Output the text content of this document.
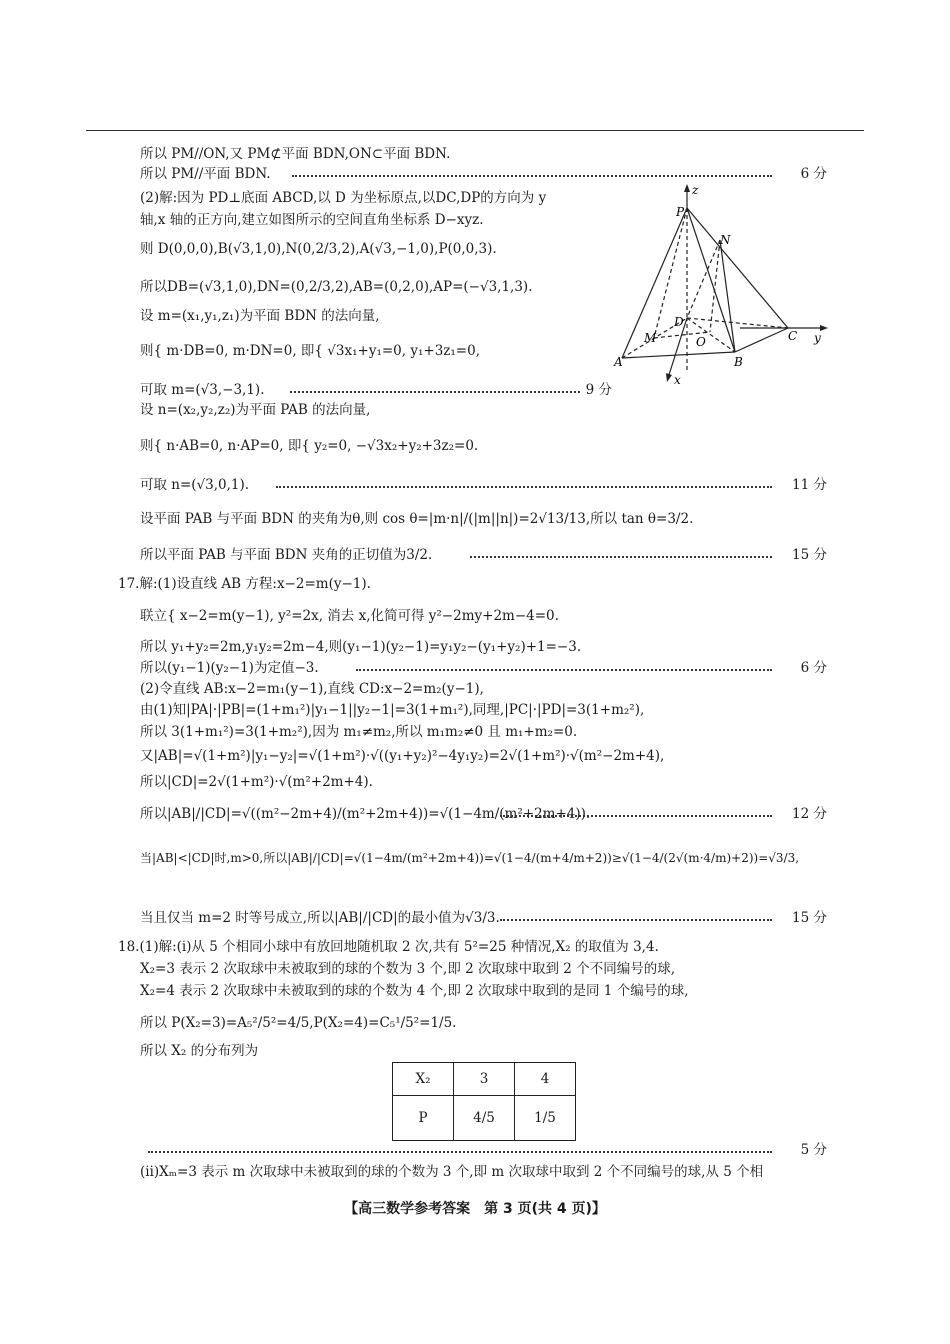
所以 PM//ON,又 PM⊄平面 BDN,ON⊂平面 BDN.
所以 PM//平面 BDN.	6 分
(2)解:因为 PD⊥底面 ABCD,以 D 为坐标原点,以DC,DP的方向为 y
轴,x 轴的正方向,建立如图所示的空间直角坐标系 D−xyz.
则 D(0,0,0),B(√3,1,0),N(0,2/3,2),A(√3,−1,0),P(0,0,3).
所以DB=(√3,1,0),DN=(0,2/3,2),AB=(0,2,0),AP=(−√3,1,3).
设 m=(x₁,y₁,z₁)为平面 BDN 的法向量,
则{ m·DB=0, m·DN=0, 即{ √3x₁+y₁=0, y₁+3z₁=0,
可取 m=(√3,−3,1).	9 分
设 n=(x₂,y₂,z₂)为平面 PAB 的法向量,
则{ n·AB=0, n·AP=0, 即{ y₂=0, −√3x₂+y₂+3z₂=0.
可取 n=(√3,0,1).	11 分
设平面 PAB 与平面 BDN 的夹角为θ,则 cos θ=|m·n|/(|m||n|)=2√13/13,所以 tan θ=3/2.
所以平面 PAB 与平面 BDN 夹角的正切值为3/2.	15 分
17.解:(1)设直线 AB 方程:x−2=m(y−1).
联立{ x−2=m(y−1), y²=2x, 消去 x,化简可得 y²−2my+2m−4=0.
所以 y₁+y₂=2m,y₁y₂=2m−4,则(y₁−1)(y₂−1)=y₁y₂−(y₁+y₂)+1=−3.
所以(y₁−1)(y₂−1)为定值−3.	6 分
(2)令直线 AB:x−2=m₁(y−1),直线 CD:x−2=m₂(y−1),
由(1)知|PA|·|PB|=(1+m₁²)|y₁−1||y₂−1|=3(1+m₁²),同理,|PC|·|PD|=3(1+m₂²),
所以 3(1+m₁²)=3(1+m₂²),因为 m₁≠m₂,所以 m₁m₂≠0 且 m₁+m₂=0.
又|AB|=√(1+m²)|y₁−y₂|=√(1+m²)·√((y₁+y₂)²−4y₁y₂)=2√(1+m²)·√(m²−2m+4),
所以|CD|=2√(1+m²)·√(m²+2m+4).
所以|AB|/|CD|=√((m²−2m+4)/(m²+2m+4))=√(1−4m/(m²+2m+4)).	12 分
当|AB|<|CD|时,m>0,所以|AB|/|CD|=√(1−4m/(m²+2m+4))=√(1−4/(m+4/m+2))≥√(1−4/(2√(m·4/m)+2))=√3/3,
当且仅当 m=2 时等号成立,所以|AB|/|CD|的最小值为√3/3.	15 分
18.(1)解:(ⅰ)从 5 个相同小球中有放回地随机取 2 次,共有 5²=25 种情况,X₂ 的取值为 3,4.
X₂=3 表示 2 次取球中未被取到的球的个数为 3 个,即 2 次取球中取到 2 个不同编号的球,
X₂=4 表示 2 次取球中未被取到的球的个数为 4 个,即 2 次取球中取到的是同 1 个编号的球,
所以 P(X₂=3)=A₅²/5²=4/5,P(X₂=4)=C₅¹/5²=1/5.
所以 X₂ 的分布列为
X₂	3	4
P	4/5	1/5
5 分
(ⅱ)Xₘ=3 表示 m 次取球中未被取到的球的个数为 3 个,即 m 次取球中取到 2 个不同编号的球,从 5 个相
z
P
N
D
M	O	C y
A	B
x
【高三数学参考答案　第 3 页(共 4 页)】
